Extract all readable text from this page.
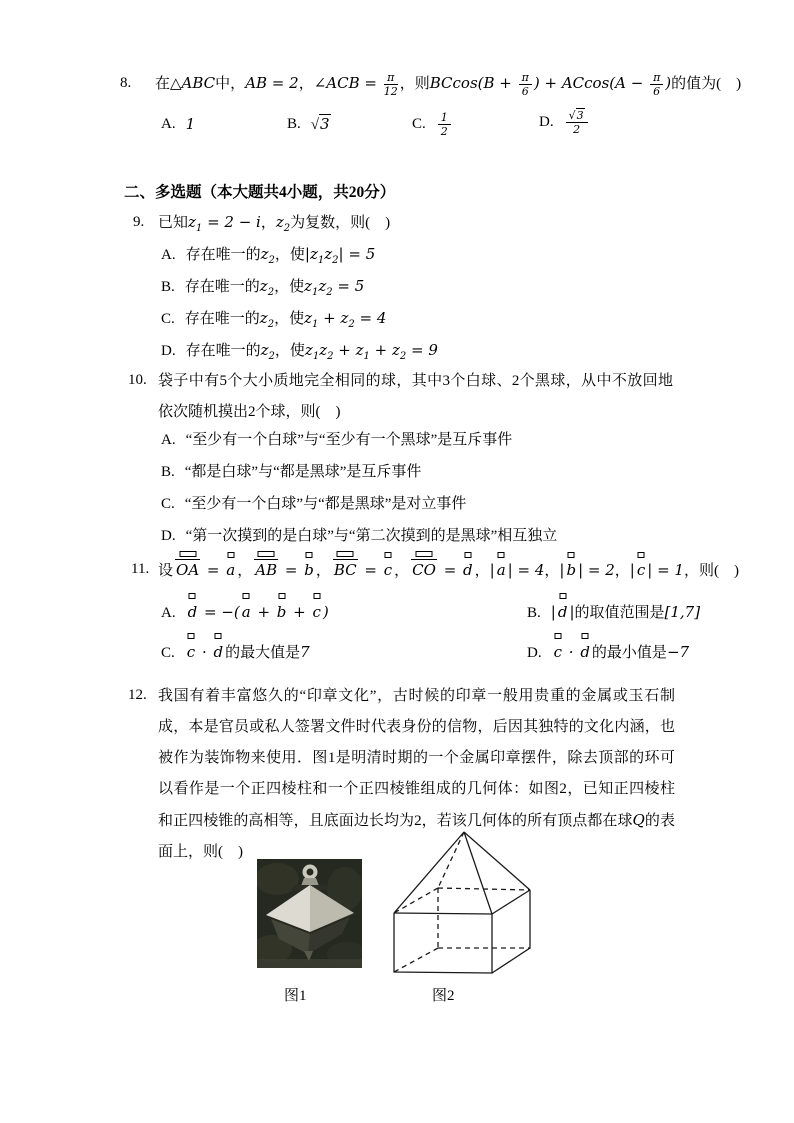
8. 在△ABC中，AB = 2，∠ACB = $\frac{\pi}{12}$ ，则$BCcos(B + \frac{\pi}{6}$ ) + $ACcos(A - \frac{\pi}{6}$ )的值为(　)
A. 1	B. √3	C. $\frac{1}{2}$	D. $\frac{√3}{2}$
二、多选题（本大题共4小题，共20分）
9. 已知$z_1 = 2 - i$，$z_2$为复数，则(　)
A. 存在唯一的$z_2$，使$|z_1z_2| = 5$
B. 存在唯一的$z_2$，使$z_1z_2 = 5$
C. 存在唯一的$z_2$，使$z_1 + z_2 = 4$
D. 存在唯一的$z_2$，使$z_1z_2 + z_1 + z_2 = 9$
10. 袋子中有5个大小质地完全相同的球，其中3个白球、2个黑球，从中不放回地依次随机摸出2个球，则(　)
A. “至少有一个白球”与“至少有一个黑球”是互斥事件
B. “都是白球”与“都是黑球”是互斥事件
C. “至少有一个白球”与“都是黑球”是对立事件
D. “第一次摸到的是白球”与“第二次摸到的是黑球”相互独立
11. 设 OA =
a ， AB =
b ， BC =
c ， CO =
d ，| a | = 4，| b | = 2，| c | = 1，则(　)
A. d = −( a +
b +
c )	B. | d |的取值范围是[1,7]
C. c ·
d 的最大值是7	D. c ·
d 的最小值是−7
12. 我国有着丰富悠久的“印章文化”，古时候的印章一般用贵重的金属或玉石制成，本是官员或私人签署文件时代表身份的信物，后因其独特的文化内涵，也被作为装饰物来使用．图1是明清时期的一个金属印章摆件，除去顶部的环可以看作是一个正四棱柱和一个正四棱锥组成的几何体：如图2，已知正四棱柱和正四棱锥的高相等，且底面边长均为2，若该几何体的所有顶点都在球Q的表面上，则(　)
图1	图2
